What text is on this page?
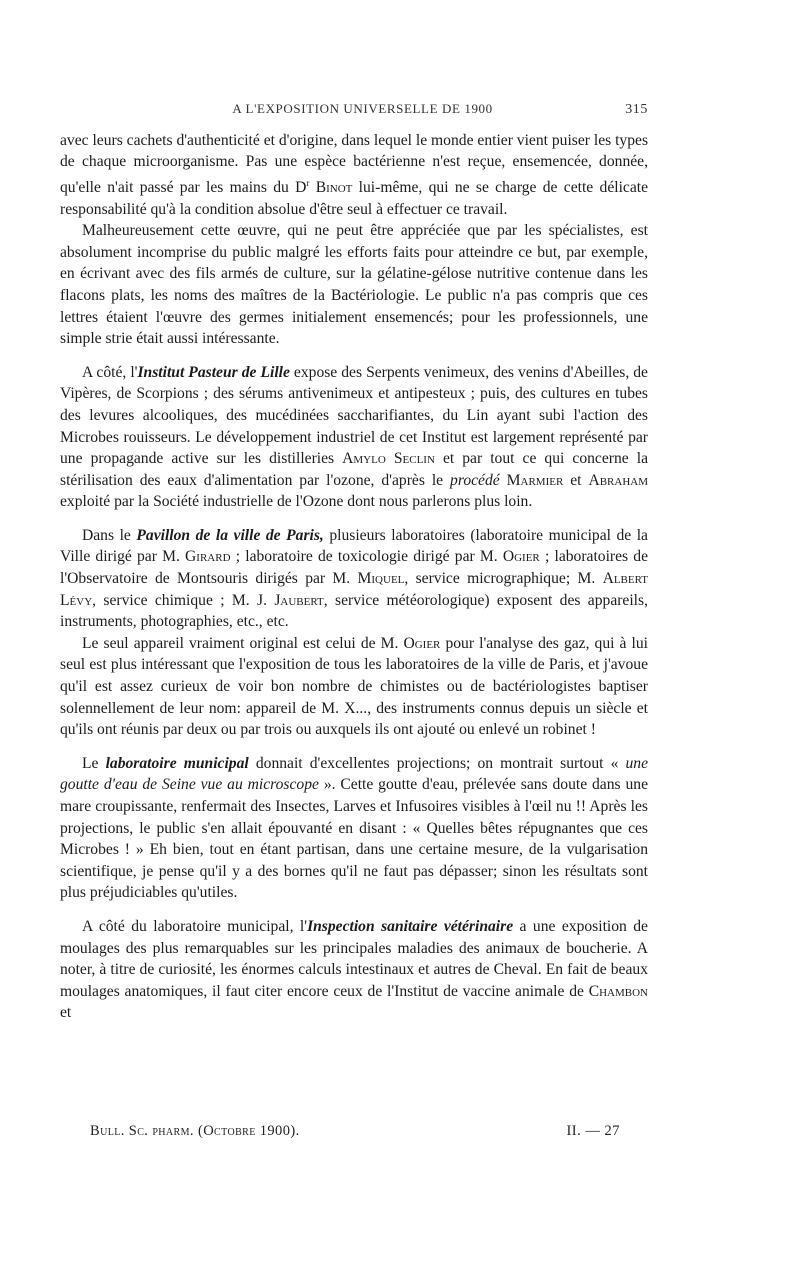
A L'EXPOSITION UNIVERSELLE DE 1900	315

avec leurs cachets d'authenticité et d'origine, dans lequel le monde entier vient puiser les types de chaque microorganisme. Pas une espèce bactérienne n'est reçue, ensemencée, donnée, qu'elle n'ait passé par les mains du $D^r$ Binot lui-même, qui ne se charge de cette délicate responsabilité qu'à la condition absolue d'être seul à effectuer ce travail.

Malheureusement cette œuvre, qui ne peut être appréciée que par les spécialistes, est absolument incomprise du public malgré les efforts faits pour atteindre ce but, par exemple, en écrivant avec des fils armés de culture, sur la gélatine-gélose nutritive contenue dans les flacons plats, les noms des maîtres de la Bactériologie. Le public n'a pas compris que ces lettres étaient l'œuvre des germes initialement ensemencés; pour les professionnels, une simple strie était aussi intéressante.

A côté, l'Institut Pasteur de Lille expose des Serpents venimeux, des venins d'Abeilles, de Vipères, de Scorpions ; des sérums antivenimeux et antipesteux ; puis, des cultures en tubes des levures alcooliques, des mucédinées saccharifiantes, du Lin ayant subi l'action des Microbes rouisseurs. Le développement industriel de cet Institut est largement représenté par une propagande active sur les distilleries Amylo Seclin et par tout ce qui concerne la stérilisation des eaux d'alimentation par l'ozone, d'après le procédé Marmier et Abraham exploité par la Société industrielle de l'Ozone dont nous parlerons plus loin.

Dans le Pavillon de la ville de Paris, plusieurs laboratoires (laboratoire municipal de la Ville dirigé par M. Girard ; laboratoire de toxicologie dirigé par M. Ogier ; laboratoires de l'Observatoire de Montsouris dirigés par M. Miquel, service micrographique; M. Albert Lévy, service chimique ; M. J. Jaubert, service météorologique) exposent des appareils, instruments, photographies, etc., etc.

Le seul appareil vraiment original est celui de M. Ogier pour l'analyse des gaz, qui à lui seul est plus intéressant que l'exposition de tous les laboratoires de la ville de Paris, et j'avoue qu'il est assez curieux de voir bon nombre de chimistes ou de bactériologistes baptiser solennellement de leur nom: appareil de M. X..., des instruments connus depuis un siècle et qu'ils ont réunis par deux ou par trois ou auxquels ils ont ajouté ou enlevé un robinet !

Le laboratoire municipal donnait d'excellentes projections; on montrait surtout « une goutte d'eau de Seine vue au microscope ». Cette goutte d'eau, prélevée sans doute dans une mare croupissante, renfermait des Insectes, Larves et Infusoires visibles à l'œil nu !! Après les projections, le public s'en allait épouvanté en disant : « Quelles bêtes répugnantes que ces Microbes ! » Eh bien, tout en étant partisan, dans une certaine mesure, de la vulgarisation scientifique, je pense qu'il y a des bornes qu'il ne faut pas dépasser; sinon les résultats sont plus préjudiciables qu'utiles.

A côté du laboratoire municipal, l'Inspection sanitaire vétérinaire a une exposition de moulages des plus remarquables sur les principales maladies des animaux de boucherie. A noter, à titre de curiosité, les énormes calculs intestinaux et autres de Cheval. En fait de beaux moulages anatomiques, il faut citer encore ceux de l'Institut de vaccine animale de Chambon et

Bull. Sc. pharm. (Octobre 1900).	II. — 27
